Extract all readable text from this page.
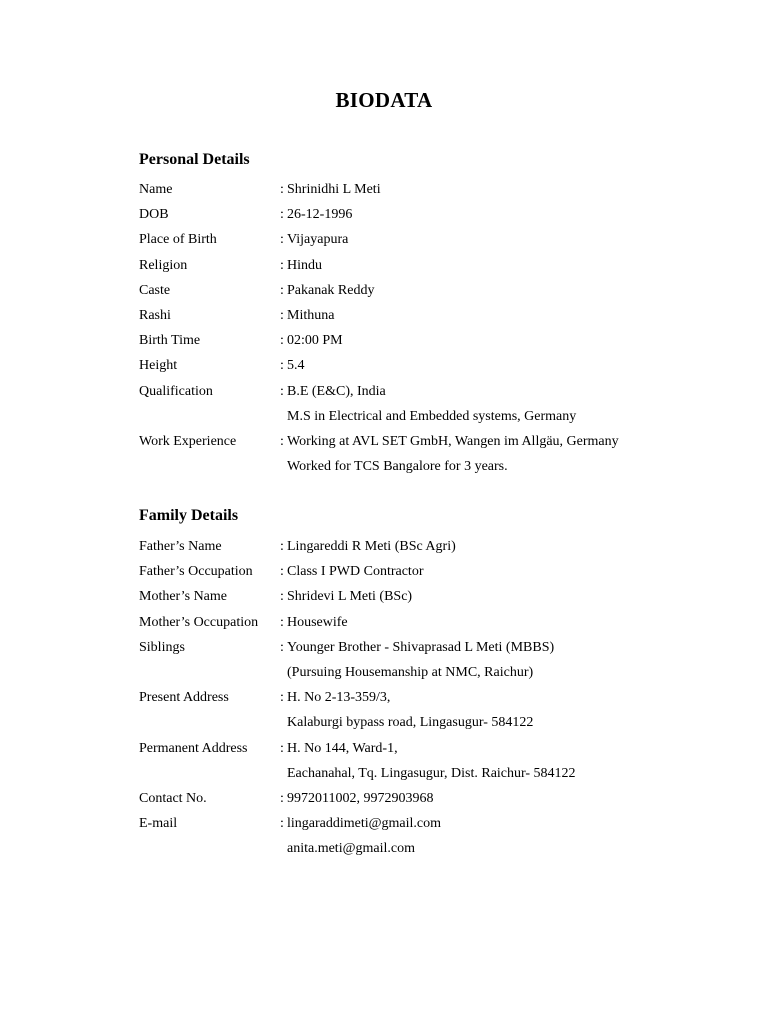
BIODATA
Personal Details
Name	: Shrinidhi L Meti
DOB	: 26-12-1996
Place of Birth	: Vijayapura
Religion	: Hindu
Caste	: Pakanak Reddy
Rashi	: Mithuna
Birth Time	: 02:00 PM
Height	: 5.4
Qualification	: B.E (E&C), India
M.S in Electrical and Embedded systems, Germany
Work Experience	: Working at AVL SET GmbH, Wangen im Allgäu, Germany
Worked for TCS Bangalore for 3 years.
Family Details
Father’s Name	: Lingareddi R Meti (BSc Agri)
Father’s Occupation	: Class I PWD Contractor
Mother’s Name	: Shridevi L Meti (BSc)
Mother’s Occupation	: Housewife
Siblings	: Younger Brother - Shivaprasad L Meti (MBBS)
(Pursuing Housemanship at NMC, Raichur)
Present Address	: H. No 2-13-359/3,
Kalaburgi bypass road, Lingasugur- 584122
Permanent Address	: H. No 144, Ward-1,
Eachanahal, Tq. Lingasugur, Dist. Raichur- 584122
Contact No.	: 9972011002, 9972903968
E-mail	: lingaraddimeti@gmail.com
anita.meti@gmail.com
